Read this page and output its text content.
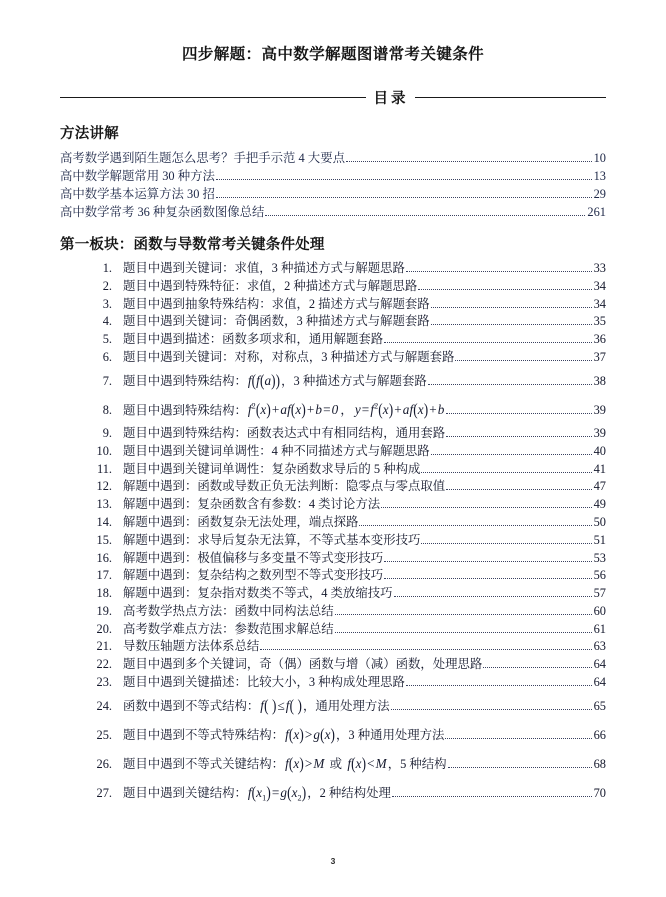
四步解题：高中数学解题图谱常考关键条件
目录
方法讲解
高考数学遇到陌生题怎么思考？手把手示范 4 大要点	10
高中数学解题常用 30 种方法	13
高中数学基本运算方法 30 招	29
高中数学常考 36 种复杂函数图像总结	261
第一板块：函数与导数常考关键条件处理
1. 题目中遇到关键词：求值，3 种描述方式与解题思路	33
2. 题目中遇到特殊特征：求值，2 种描述方式与解题思路	34
3. 题目中遇到抽象特殊结构：求值，2 描述方式与解题套路	34
4. 题目中遇到关键词：奇偶函数，3 种描述方式与解题套路	35
5. 题目中遇到描述：函数多项求和，通用解题套路	36
6. 题目中遇到关键词：对称，对称点，3 种描述方式与解题套路	37
7. 题目中遇到特殊结构：f(f(a))，3 种描述方式与解题套路	38
8. 题目中遇到特殊结构：$f^2(x)+af(x)+b=0$ ， $y=f^2(x)+af(x)+b$	39
9. 题目中遇到特殊结构：函数表达式中有相同结构，通用套路	39
10. 题目中遇到关键词单调性：4 种不同描述方式与解题思路	40
11. 题目中遇到关键词单调性：复杂函数求导后的 5 种构成	41
12. 解题中遇到：函数或导数正负无法判断：隐零点与零点取值	47
13. 解题中遇到：复杂函数含有参数：4 类讨论方法	49
14. 解题中遇到：函数复杂无法处理，端点探路	50
15. 解题中遇到：求导后复杂无法算，不等式基本变形技巧	51
16. 解题中遇到：极值偏移与多变量不等式变形技巧	53
17. 解题中遇到：复杂结构之数列型不等式变形技巧	56
18. 解题中遇到：复杂指对数类不等式，4 类放缩技巧	57
19. 高考数学热点方法：函数中同构法总结	60
20. 高考数学难点方法：参数范围求解总结	61
21. 导数压轴题方法体系总结	63
22. 题目中遇到多个关键词，奇（偶）函数与增（减）函数，处理思路	64
23. 题目中遇到关键描述：比较大小，3 种构成处理思路	64
24. 函数中遇到不等式结构：f( )≤f( )，通用处理方法	65
25. 题目中遇到不等式特殊结构：f(x)>g(x)，3 种通用处理方法	66
26. 题目中遇到不等式关键结构：f(x)>M 或 f(x)<M，5 种结构	68
27. 题目中遇到关键结构：$f(x_1)=g(x_2)$，2 种结构处理	70
3
